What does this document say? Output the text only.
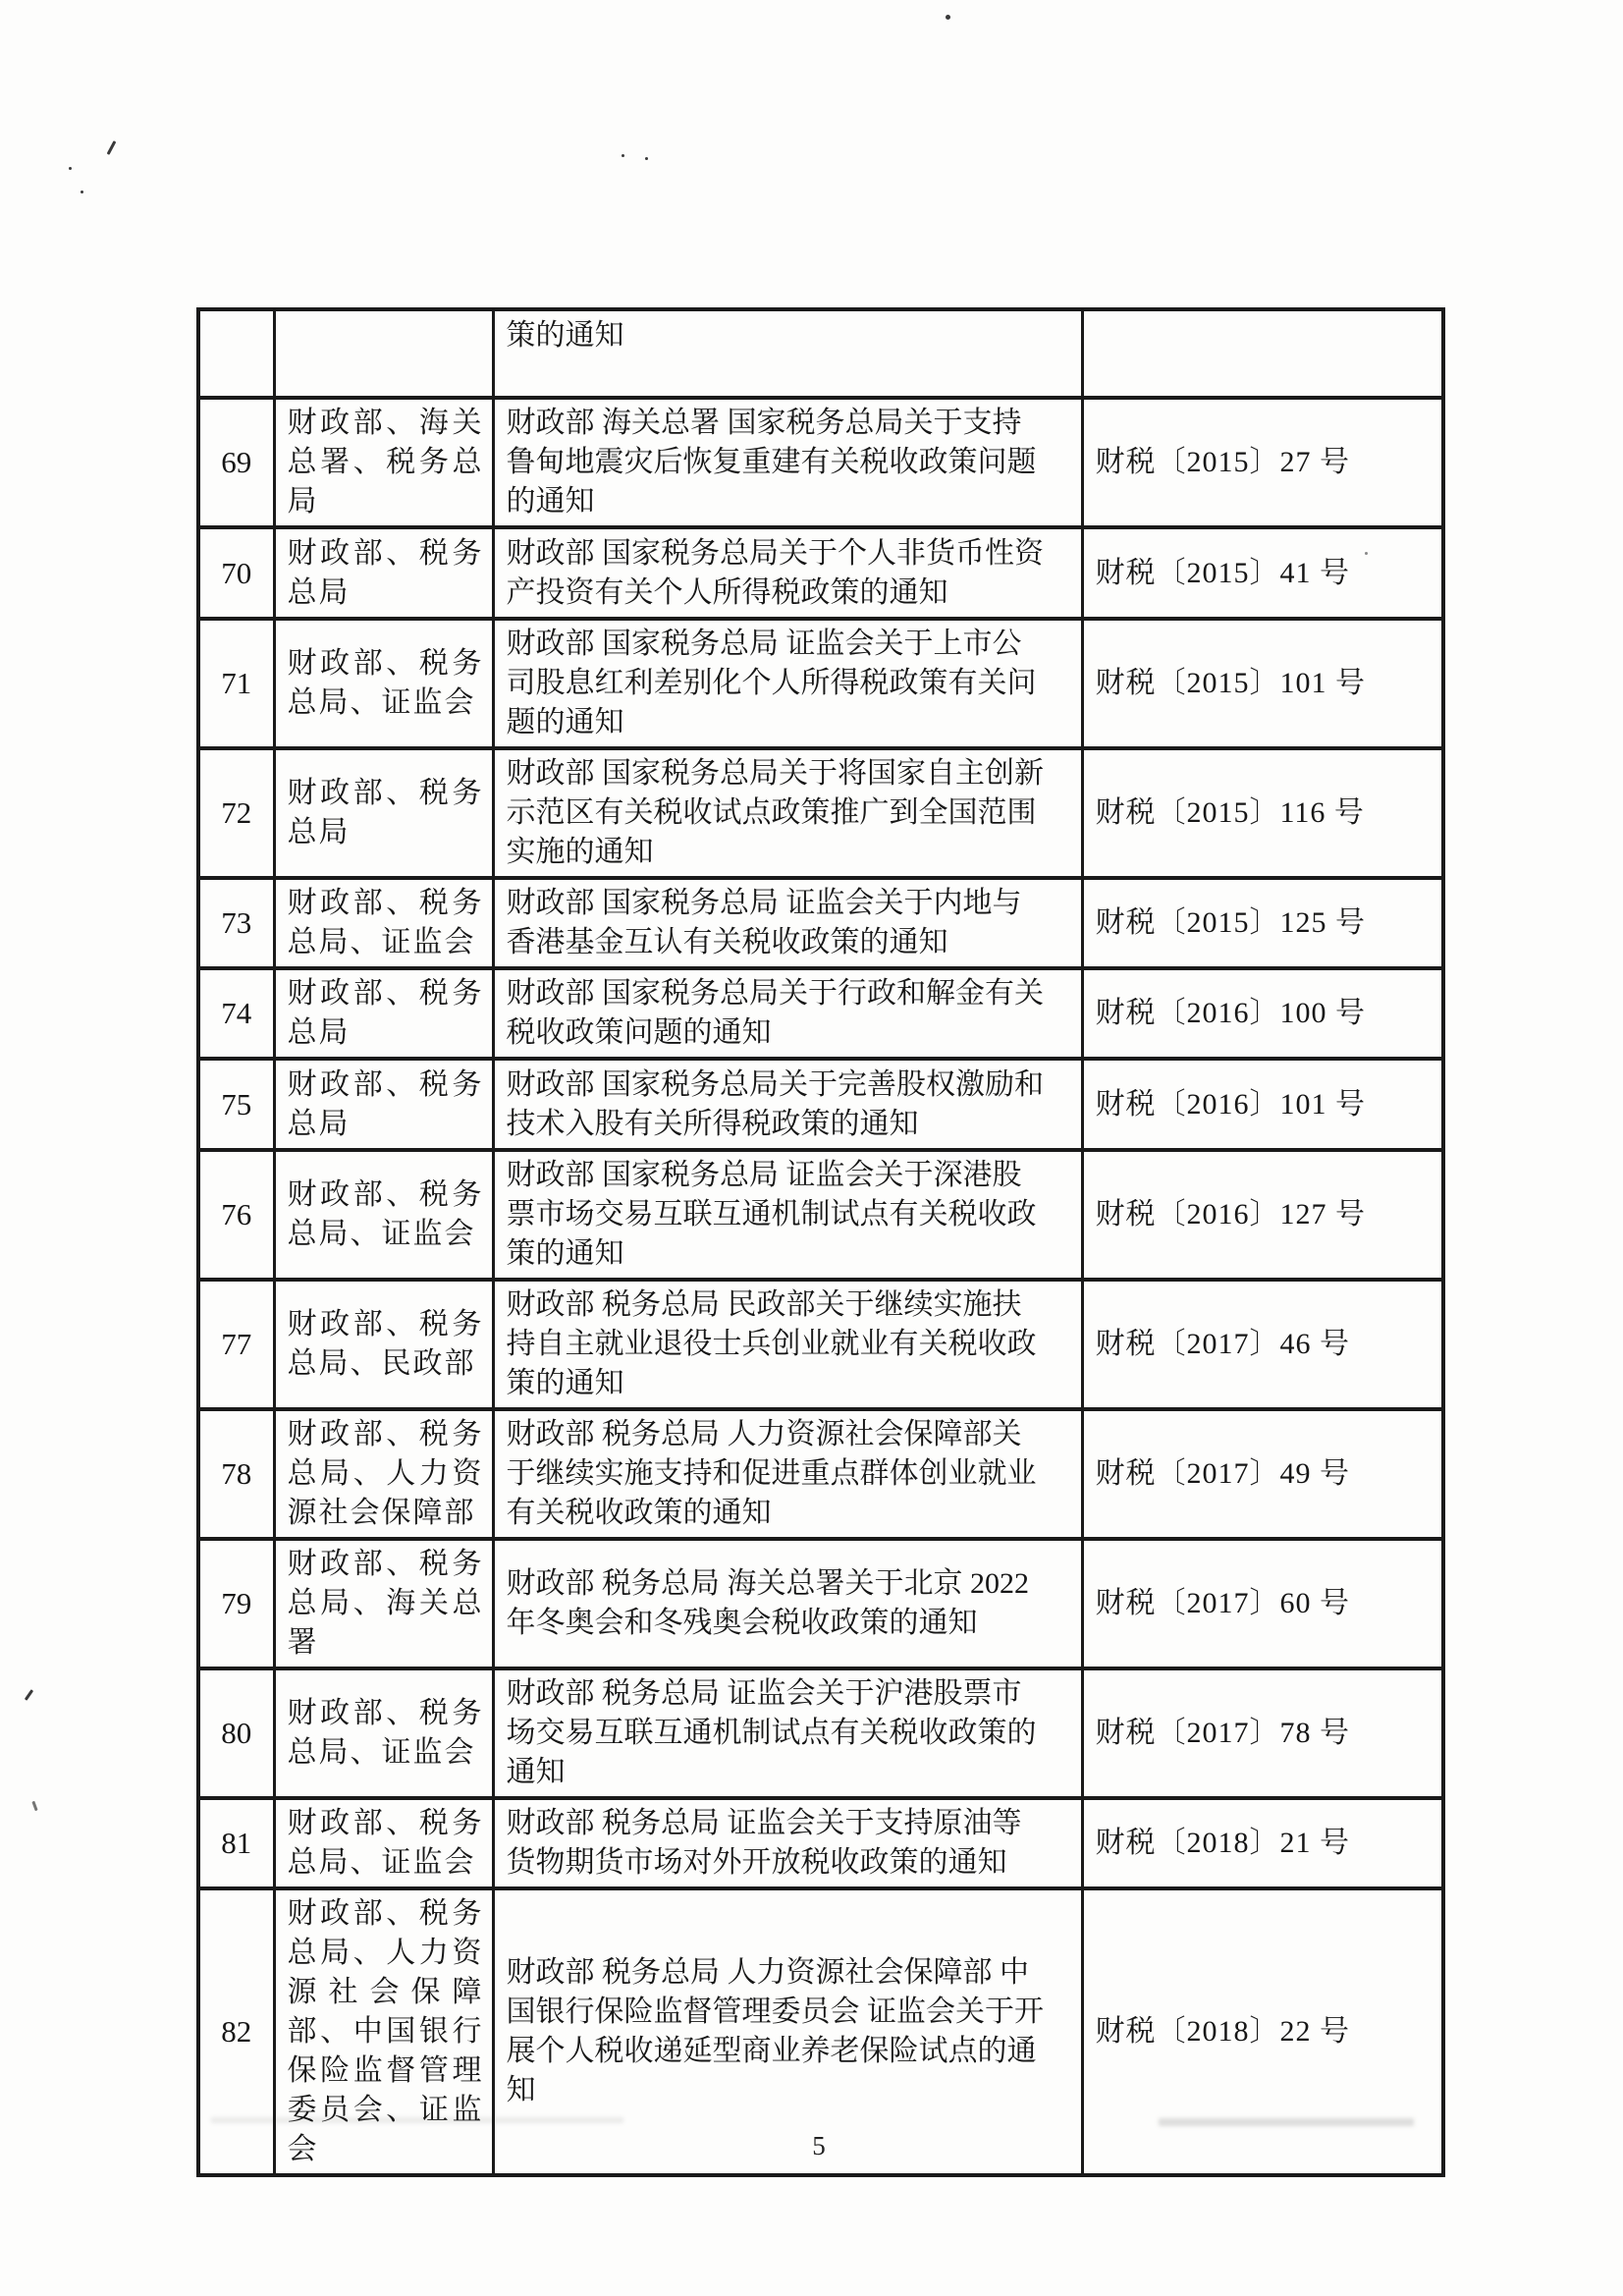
		策的通知	
69	财政部、海关总署、税务总局	财政部 海关总署 国家税务总局关于支持鲁甸地震灾后恢复重建有关税收政策问题的通知	财税〔2015〕27 号
70	财政部、税务总局	财政部 国家税务总局关于个人非货币性资产投资有关个人所得税政策的通知	财税〔2015〕41 号
71	财政部、税务总局、证监会	财政部 国家税务总局 证监会关于上市公司股息红利差别化个人所得税政策有关问题的通知	财税〔2015〕101 号
72	财政部、税务总局	财政部 国家税务总局关于将国家自主创新示范区有关税收试点政策推广到全国范围实施的通知	财税〔2015〕116 号
73	财政部、税务总局、证监会	财政部 国家税务总局 证监会关于内地与香港基金互认有关税收政策的通知	财税〔2015〕125 号
74	财政部、税务总局	财政部 国家税务总局关于行政和解金有关税收政策问题的通知	财税〔2016〕100 号
75	财政部、税务总局	财政部 国家税务总局关于完善股权激励和技术入股有关所得税政策的通知	财税〔2016〕101 号
76	财政部、税务总局、证监会	财政部 国家税务总局 证监会关于深港股票市场交易互联互通机制试点有关税收政策的通知	财税〔2016〕127 号
77	财政部、税务总局、民政部	财政部 税务总局 民政部关于继续实施扶持自主就业退役士兵创业就业有关税收政策的通知	财税〔2017〕46 号
78	财政部、税务总局、人力资源社会保障部	财政部 税务总局 人力资源社会保障部关于继续实施支持和促进重点群体创业就业有关税收政策的通知	财税〔2017〕49 号
79	财政部、税务总局、海关总署	财政部 税务总局 海关总署关于北京 2022 年冬奥会和冬残奥会税收政策的通知	财税〔2017〕60 号
80	财政部、税务总局、证监会	财政部 税务总局 证监会关于沪港股票市场交易互联互通机制试点有关税收政策的通知	财税〔2017〕78 号
81	财政部、税务总局、证监会	财政部 税务总局 证监会关于支持原油等货物期货市场对外开放税收政策的通知	财税〔2018〕21 号
82	财政部、税务总局、人力资源社会保障部、中国银行保险监督管理委员会、证监会	财政部 税务总局 人力资源社会保障部 中国银行保险监督管理委员会 证监会关于开展个人税收递延型商业养老保险试点的通知	财税〔2018〕22 号
5
